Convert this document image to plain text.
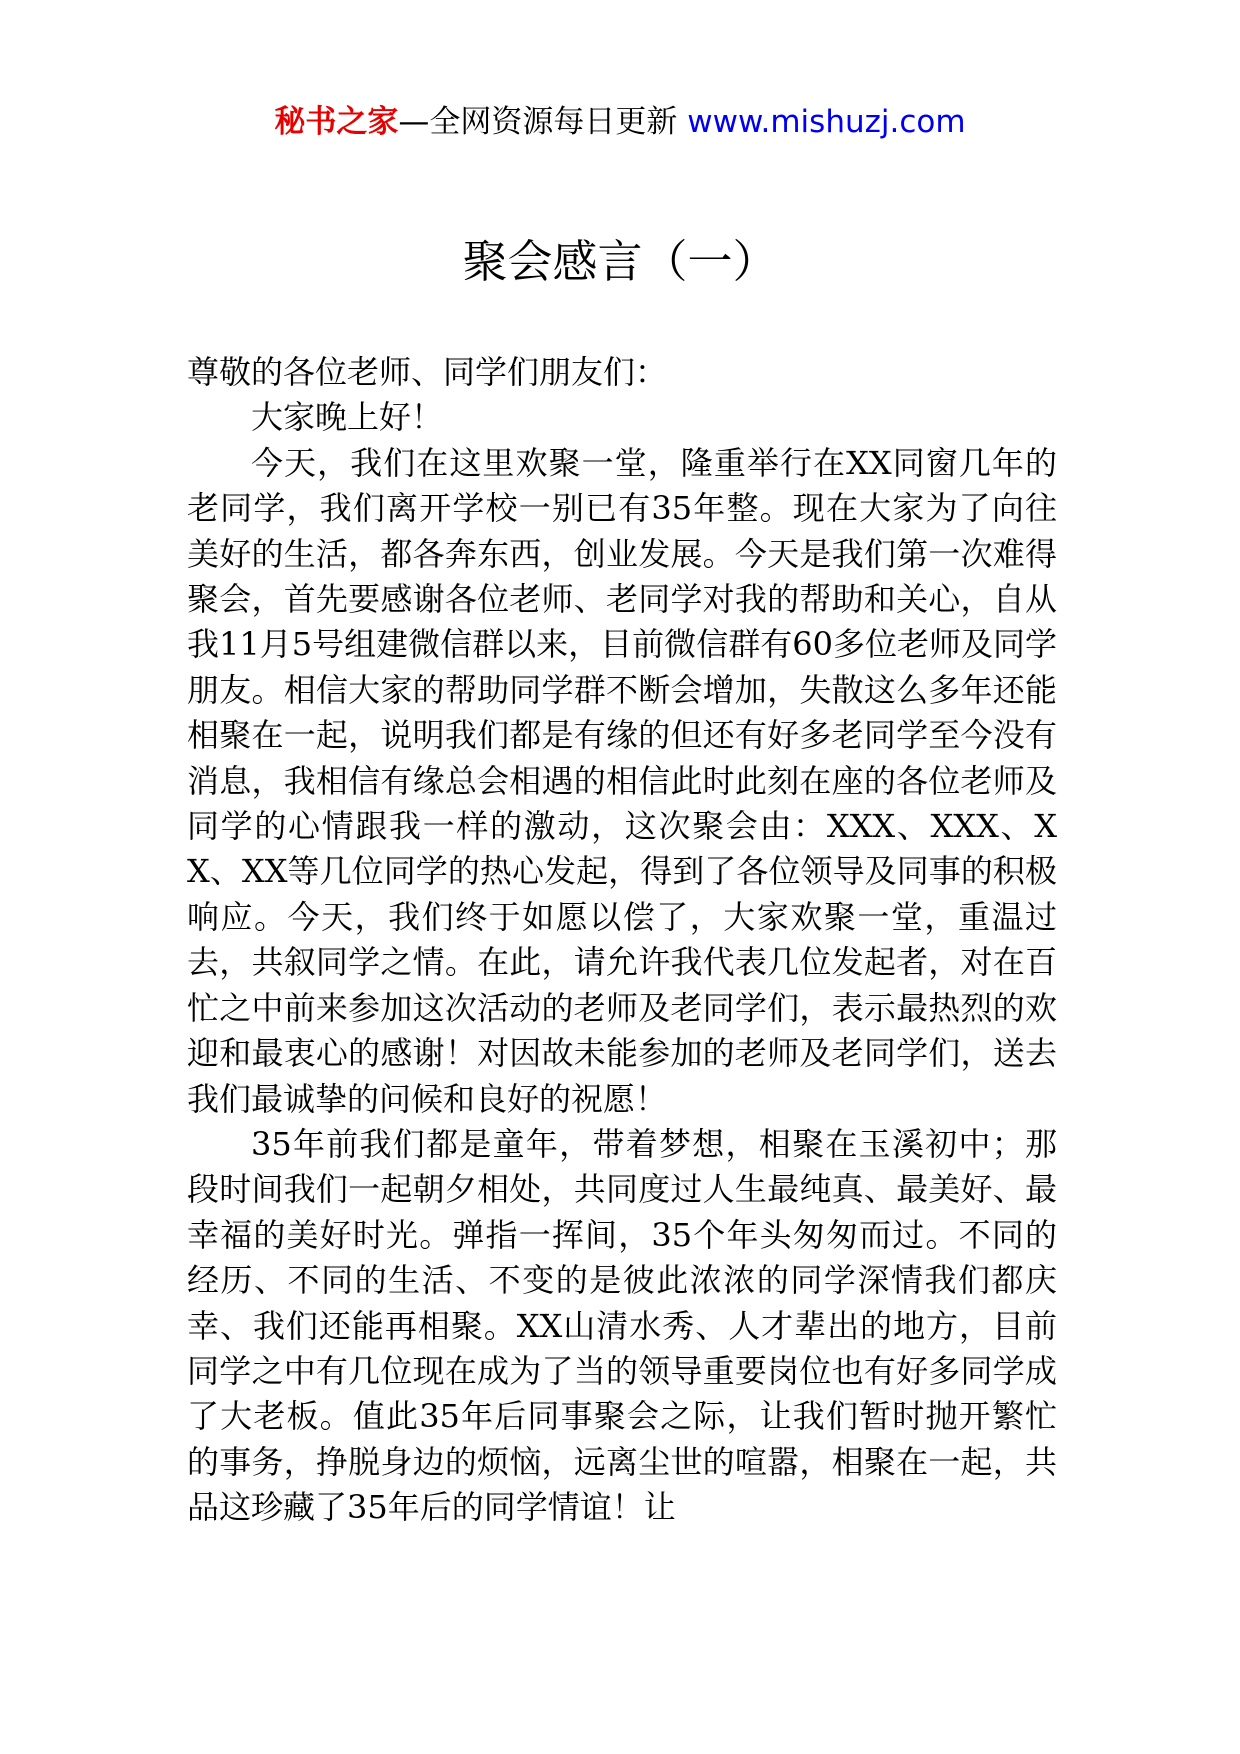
秘书之家—全网资源每日更新 www.mishuzj.com
聚会感言（一）

尊敬的各位老师、同学们朋友们：

大家晚上好！

今天，我们在这里欢聚一堂，隆重举行在XX同窗几年的老同学，我们离开学校一别已有35年整。现在大家为了向往美好的生活，都各奔东西，创业发展。今天是我们第一次难得聚会，首先要感谢各位老师、老同学对我的帮助和关心，自从我11月5号组建微信群以来，目前微信群有60多位老师及同学朋友。相信大家的帮助同学群不断会增加，失散这么多年还能相聚在一起，说明我们都是有缘的但还有好多老同学至今没有消息，我相信有缘总会相遇的相信此时此刻在座的各位老师及同学的心情跟我一样的激动，这次聚会由：XXX、XXX、XX、XX等几位同学的热心发起，得到了各位领导及同事的积极响应。今天，我们终于如愿以偿了，大家欢聚一堂，重温过去，共叙同学之情。在此，请允许我代表几位发起者，对在百忙之中前来参加这次活动的老师及老同学们，表示最热烈的欢迎和最衷心的感谢！对因故未能参加的老师及老同学们，送去我们最诚挚的问候和良好的祝愿！

35年前我们都是童年，带着梦想，相聚在玉溪初中；那段时间我们一起朝夕相处，共同度过人生最纯真、最美好、最幸福的美好时光。弹指一挥间，35个年头匆匆而过。不同的经历、不同的生活、不变的是彼此浓浓的同学深情我们都庆幸、我们还能再相聚。XX山清水秀、人才辈出的地方，目前同学之中有几位现在成为了当的领导重要岗位也有好多同学成了大老板。值此35年后同事聚会之际，让我们暂时抛开繁忙的事务，挣脱身边的烦恼，远离尘世的喧嚣，相聚在一起，共品这珍藏了35年后的同学情谊！让
